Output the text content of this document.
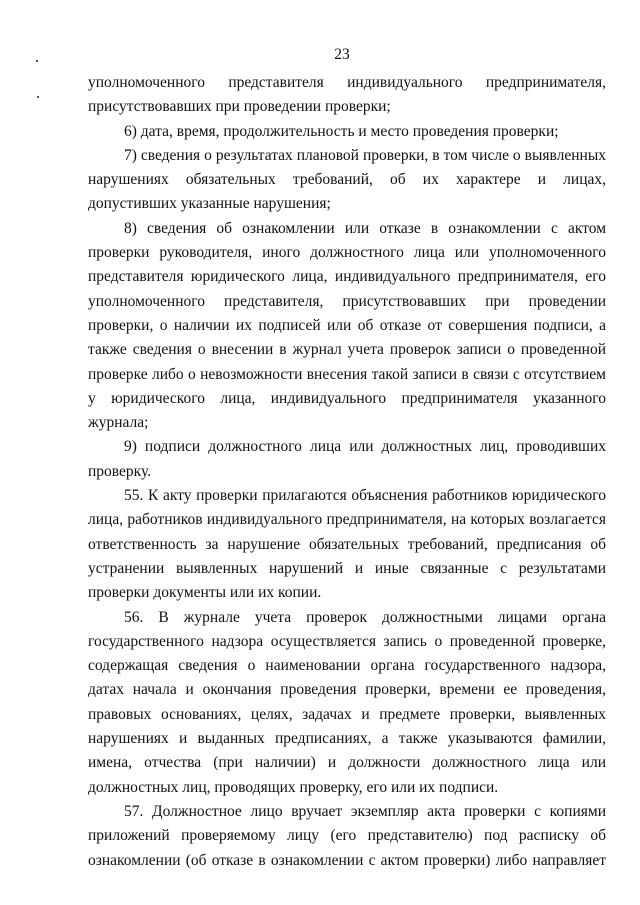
23

уполномоченного представителя индивидуального предпринимателя, присутствовавших при проведении проверки;

6) дата, время, продолжительность и место проведения проверки;

7) сведения о результатах плановой проверки, в том числе о выявленных нарушениях обязательных требований, об их характере и лицах, допустивших указанные нарушения;

8) сведения об ознакомлении или отказе в ознакомлении с актом проверки руководителя, иного должностного лица или уполномоченного представителя юридического лица, индивидуального предпринимателя, его уполномоченного представителя, присутствовавших при проведении проверки, о наличии их подписей или об отказе от совершения подписи, а также сведения о внесении в журнал учета проверок записи о проведенной проверке либо о невозможности внесения такой записи в связи с отсутствием у юридического лица, индивидуального предпринимателя указанного журнала;

9) подписи должностного лица или должностных лиц, проводивших проверку.

55. К акту проверки прилагаются объяснения работников юридического лица, работников индивидуального предпринимателя, на которых возлагается ответственность за нарушение обязательных требований, предписания об устранении выявленных нарушений и иные связанные с результатами проверки документы или их копии.

56. В журнале учета проверок должностными лицами органа государственного надзора осуществляется запись о проведенной проверке, содержащая сведения о наименовании органа государственного надзора, датах начала и окончания проведения проверки, времени ее проведения, правовых основаниях, целях, задачах и предмете проверки, выявленных нарушениях и выданных предписаниях, а также указываются фамилии, имена, отчества (при наличии) и должности должностного лица или должностных лиц, проводящих проверку, его или их подписи.

57. Должностное лицо вручает экземпляр акта проверки с копиями приложений проверяемому лицу (его представителю) под расписку об ознакомлении (об отказе в ознакомлении с актом проверки) либо направляет
